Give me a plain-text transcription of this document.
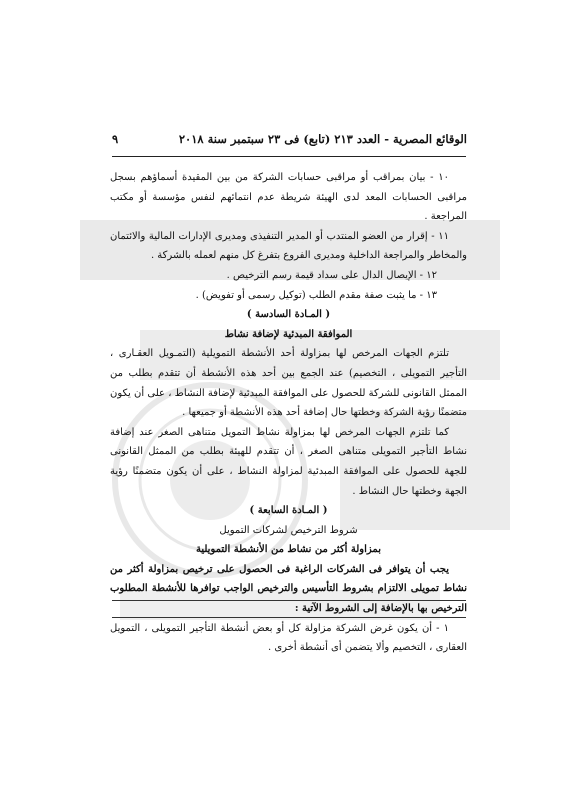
الوقائع المصرية - العدد ٢١٣ (تابع) فى ٢٣ سبتمبر سنة ٢٠١٨
٩

١٠ - بيان بمراقب أو مراقبى حسابات الشركة من بين المقيدة أسماؤهم بسجل مراقبى الحسابات المعد لدى الهيئة شريطة عدم انتمائهم لنفس مؤسسة أو مكتب المراجعة .

١١ - إقرار من العضو المنتدب أو المدير التنفيذى ومديرى الإدارات المالية والائتمان والمخاطر والمراجعة الداخلية ومديرى الفروع بتفرغ كل منهم لعمله بالشركة .

١٢ - الإيصال الدال على سداد قيمة رسم الترخيص .

١٣ - ما يثبت صفة مقدم الطلب (توكيل رسمى أو تفويض) .

( المـادة السادسة )

الموافقة المبدئية لإضافة نشاط

تلتزم الجهات المرخص لها بمزاولة أحد الأنشطة التمويلية (التمـويل العقـارى ، التأجير التمويلى ، التخصيم) عند الجمع بين أحد هذه الأنشطة أن تتقدم بطلب من الممثل القانونى للشركة للحصول على الموافقة المبدئية لإضافة النشاط ، على أن يكون متضمنًا رؤية الشركة وخطتها حال إضافة أحد هذه الأنشطة أو جميعها .

كما تلتزم الجهات المرخص لها بمزاولة نشاط التمويل متناهى الصغر عند إضافة نشاط التأجير التمويلى متناهى الصغر ، أن تتقدم للهيئة بطلب من الممثل القانونى للجهة للحصول على الموافقة المبدئية لمزاولة النشاط ، على أن يكون متضمنًا رؤية الجهة وخطتها حال النشاط .

( المـادة السابعة )

شروط الترخيص لشركات التمويل

بمزاولة أكثر من نشاط من الأنشطة التمويلية

يجب أن يتوافر فى الشركات الراغبة فى الحصول على ترخيص بمزاولة أكثر من نشاط تمويلى الالتزام بشروط التأسيس والترخيص الواجب توافرها للأنشطة المطلوب الترخيص بها بالإضافة إلى الشروط الآتية :

١ - أن يكون غرض الشركة مزاولة كل أو بعض أنشطة التأجير التمويلى ، التمويل العقارى ، التخصيم وألا يتضمن أى أنشطة أخرى .
